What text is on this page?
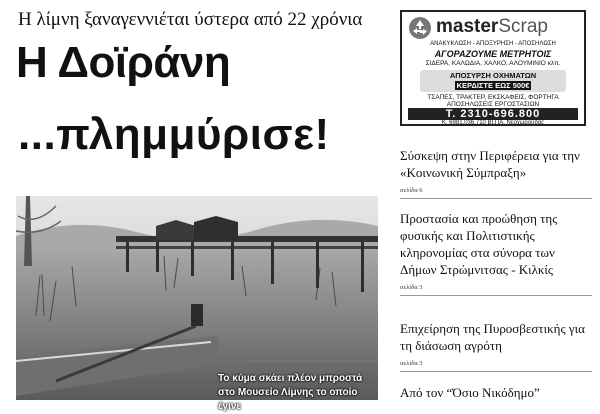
Η λίμνη ξαναγεννιέται ύστερα από 22 χρόνια
Η Δοϊράνη
...πλημμύρισε!
masterScrap
ΑΝΑΚΥΚΛΩΣΗ - ΑΠΟΞΥΡΗΣΗ - ΑΠΟΣΗΛΩΣΗ
ΑΓΟΡΑΖΟΥΜΕ ΜΕΤΡΗΤΟΙΣ
ΣΙΔΕΡΑ, ΚΑΛΩΔΙΑ, ΧΑΛΚΟ, ΑΛΟΥΜΙΝΙΟ κλπ.
ΑΠΟΣΥΡΣΗ ΟΧΗΜΑΤΩΝ
ΚΕΡΔΙΣΤΕ ΕΩΣ 500€
ΤΣΑΠΕΣ, ΤΡΑΚΤΕΡ, ΕΚΣΚΑΦΕΙΣ, ΦΟΡΤΗΓΑ
ΑΠΟΣΗΛΩΣΕΙΣ ΕΡΓΟΣΤΑΣΙΩΝ
Τ. 2310-696.800
Κ. 6981.036.710 ΒΙ.ΠΑ. Νεοχωρούδας
Σύσκεψη στην Περιφέρεια για την «Κοινωνική Σύμπραξη»
σελίδα 6
Προστασία και προώθηση της φυσικής και Πολιτιστικής κληρονομίας στα σύνορα των Δήμων Στρώμνιτσας - Κιλκίς
σελίδα 3
Επιχείρηση της Πυροσβεστικής για τη διάσωση αγρότη
σελίδα 3
Από τον “Όσιο Νικόδημο”
Το κύμα σκάει πλέον μπροστά στο Μουσείο Λίμνης το οποίο έγινε
